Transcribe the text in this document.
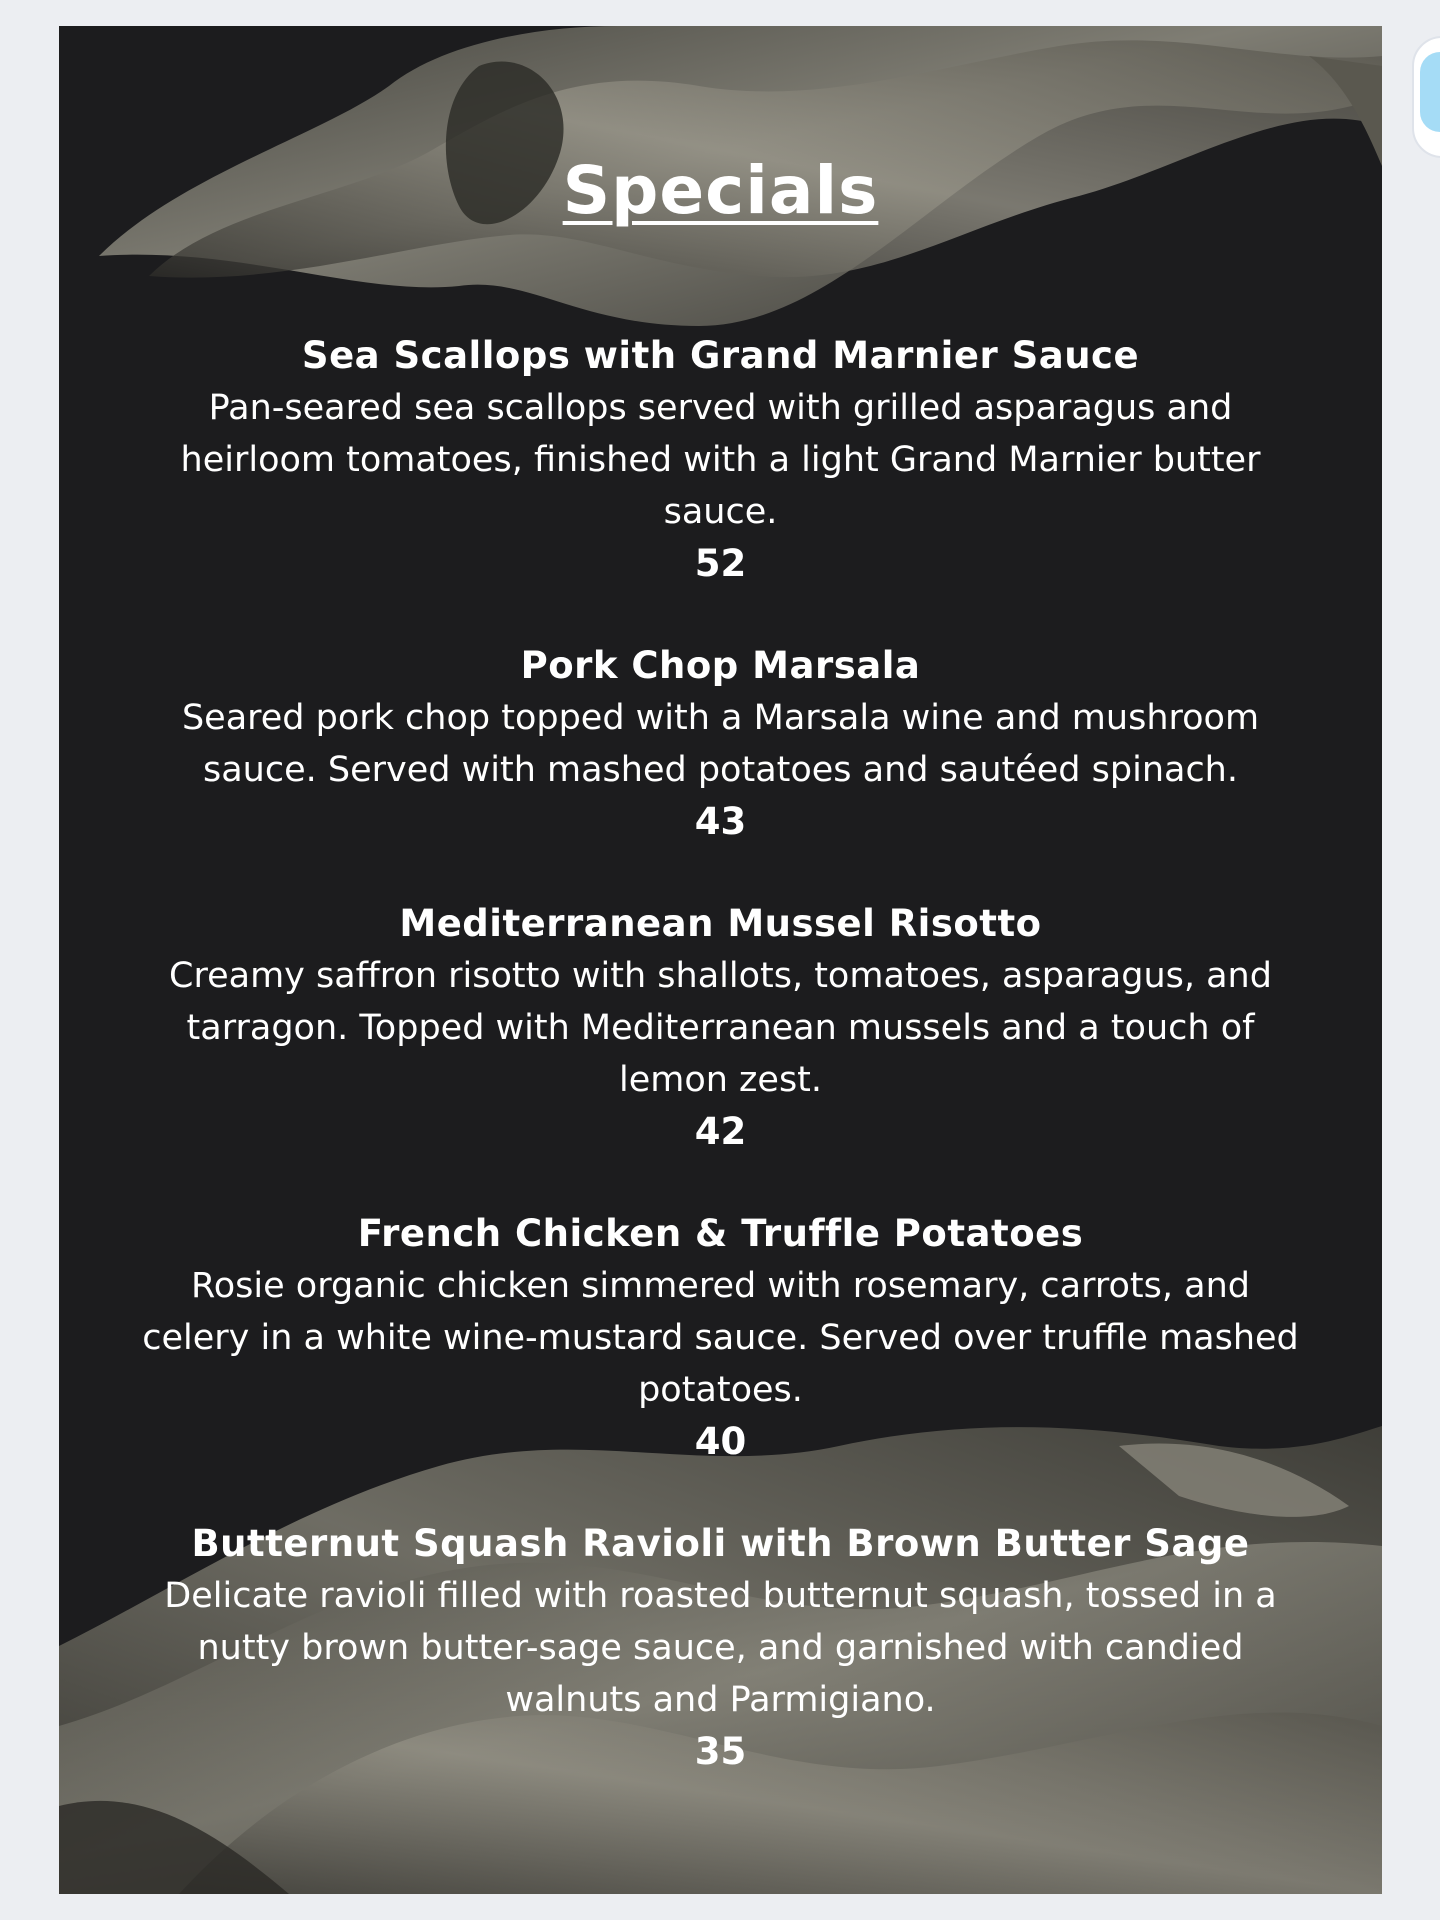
Specials
Sea Scallops with Grand Marnier Sauce
Pan-seared sea scallops served with grilled asparagus and heirloom tomatoes, finished with a light Grand Marnier butter sauce.
52
Pork Chop Marsala
Seared pork chop topped with a Marsala wine and mushroom sauce. Served with mashed potatoes and sautéed spinach.
43
Mediterranean Mussel Risotto
Creamy saffron risotto with shallots, tomatoes, asparagus, and tarragon. Topped with Mediterranean mussels and a touch of lemon zest.
42
French Chicken & Truffle Potatoes
Rosie organic chicken simmered with rosemary, carrots, and celery in a white wine-mustard sauce. Served over truffle mashed potatoes.
40
Butternut Squash Ravioli with Brown Butter Sage
Delicate ravioli filled with roasted butternut squash, tossed in a nutty brown butter-sage sauce, and garnished with candied walnuts and Parmigiano.
35
